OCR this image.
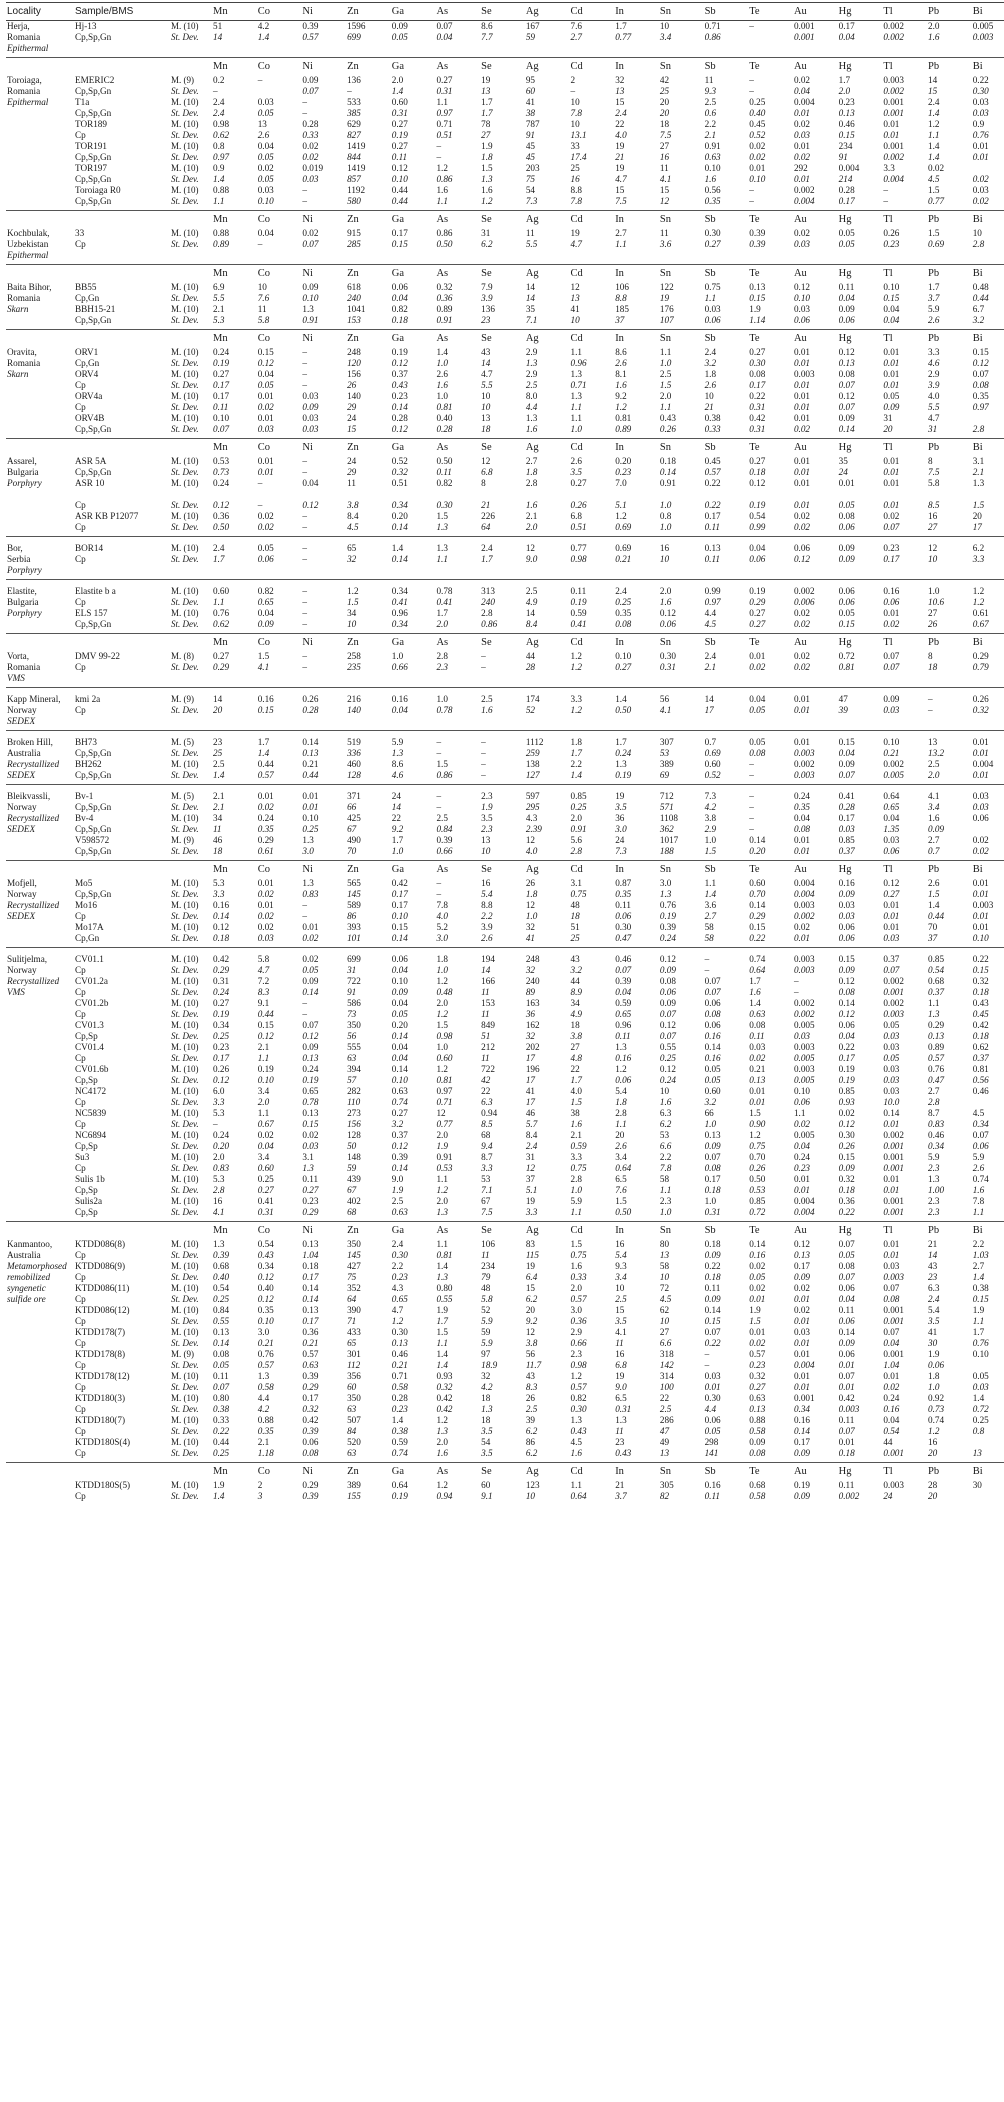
Locality	Sample/BMS		Mn	Co	Ni	Zn	Ga	As	Se	Ag	Cd	In	Sn	Sb	Te	Au	Hg	Tl	Pb	Bi
Herja,	Hj-13	M. (10)	51	4.2	0.39	1596	0.09	0.07	8.6	167	7.6	1.7	10	0.71	–	0.001	0.17	0.002	2.0	0.005
Romania	Cp,Sp,Gn	St. Dev.	14	1.4	0.57	699	0.05	0.04	7.7	59	2.7	0.77	3.4	0.86		0.001	0.04	0.002	1.6	0.003
Epithermal																				

			Mn	Co	Ni	Zn	Ga	As	Se	Ag	Cd	In	Sn	Sb	Te	Au	Hg	Tl	Pb	Bi
Toroiaga,	EMERIC2	M. (9)	0.2	–	0.09	136	2.0	0.27	19	95	2	32	42	11	–	0.02	1.7	0.003	14	0.22
Romania	Cp,Sp,Gn	St. Dev.	–		0.07	–	1.4	0.31	13	60	–	13	25	9.3	–	0.04	2.0	0.002	15	0.30
Epithermal	T1a	M. (10)	2.4	0.03	–	533	0.60	1.1	1.7	41	10	15	20	2.5	0.25	0.004	0.23	0.001	2.4	0.03
	Cp,Sp,Gn	St. Dev.	2.4	0.05	–	385	0.31	0.97	1.7	38	7.8	2.4	20	0.6	0.40	0.01	0.13	0.001	1.4	0.03
	TOR189	M. (10)	0.98	13	0.28	629	0.27	0.71	78	787	10	22	18	2.2	0.45	0.02	0.46	0.01	1.2	0.9
	Cp	St. Dev.	0.62	2.6	0.33	827	0.19	0.51	27	91	13.1	4.0	7.5	2.1	0.52	0.03	0.15	0.01	1.1	0.76
	TOR191	M. (10)	0.8	0.04	0.02	1419	0.27	–	1.9	45	33	19	27	0.91	0.02	0.01	234	0.001	1.4	0.01
	Cp,Sp,Gn	St. Dev.	0.97	0.05	0.02	844	0.11	–	1.8	45	17.4	21	16	0.63	0.02	0.02	91	0.002	1.4	0.01
	TOR197	M. (10)	0.9	0.02	0.019	1419	0.12	1.2	1.5	203	25	19	11	0.10	0.01	292	0.004	3.3	0.02	
	Cp,Sp,Gn	St. Dev.	1.4	0.05	0.03	857	0.10	0.86	1.3	75	16	4.7	4.1	1.6	0.10	0.01	214	0.004	4.5	0.02
	Toroiaga R0	M. (10)	0.88	0.03	–	1192	0.44	1.6	1.6	54	8.8	15	15	0.56	–	0.002	0.28	–	1.5	0.03
	Cp,Sp,Gn	St. Dev.	1.1	0.10	–	580	0.44	1.1	1.2	7.3	7.8	7.5	12	0.35	–	0.004	0.17	–	0.77	0.02

			Mn	Co	Ni	Zn	Ga	As	Se	Ag	Cd	In	Sn	Sb	Te	Au	Hg	Tl	Pb	Bi
Kochbulak,	33	M. (10)	0.88	0.04	0.02	915	0.17	0.86	31	11	19	2.7	11	0.30	0.39	0.02	0.05	0.26	1.5	10
Uzbekistan	Cp	St. Dev.	0.89	–	0.07	285	0.15	0.50	6.2	5.5	4.7	1.1	3.6	0.27	0.39	0.03	0.05	0.23	0.69	2.8
Epithermal																				

			Mn	Co	Ni	Zn	Ga	As	Se	Ag	Cd	In	Sn	Sb	Te	Au	Hg	Tl	Pb	Bi
Baita Bihor,	BB55	M. (10)	6.9	10	0.09	618	0.06	0.32	7.9	14	12	106	122	0.75	0.13	0.12	0.11	0.10	1.7	0.48
Romania	Cp,Gn	St. Dev.	5.5	7.6	0.10	240	0.04	0.36	3.9	14	13	8.8	19	1.1	0.15	0.10	0.04	0.15	3.7	0.44
Skarn	BBH15-21	M. (10)	2.1	11	1.3	1041	0.82	0.89	136	35	41	185	176	0.03	1.9	0.03	0.09	0.04	5.9	6.7
	Cp,Sp,Gn	St. Dev.	5.3	5.8	0.91	153	0.18	0.91	23	7.1	10	37	107	0.06	1.14	0.06	0.06	0.04	2.6	3.2

			Mn	Co	Ni	Zn	Ga	As	Se	Ag	Cd	In	Sn	Sb	Te	Au	Hg	Tl	Pb	Bi
Oravita,	ORV1	M. (10)	0.24	0.15	–	248	0.19	1.4	43	2.9	1.1	8.6	1.1	2.4	0.27	0.01	0.12	0.01	3.3	0.15
Romania	Cp,Gn	St. Dev.	0.19	0.12	–	120	0.12	1.0	14	1.3	0.96	2.6	1.0	3.2	0.30	0.01	0.13	0.01	4.6	0.12
Skarn	ORV4	M. (10)	0.27	0.04	–	156	0.37	2.6	4.7	2.9	1.3	8.1	2.5	1.8	0.08	0.003	0.08	0.01	2.9	0.07
	Cp	St. Dev.	0.17	0.05	–	26	0.43	1.6	5.5	2.5	0.71	1.6	1.5	2.6	0.17	0.01	0.07	0.01	3.9	0.08
	ORV4a	M. (10)	0.17	0.01	0.03	140	0.23	1.0	10	8.0	1.3	9.2	2.0	10	0.22	0.01	0.12	0.05	4.0	0.35
	Cp	St. Dev.	0.11	0.02	0.09	29	0.14	0.81	10	4.4	1.1	1.2	1.1	21	0.31	0.01	0.07	0.09	5.5	0.97
	ORV4B	M. (10)	0.10	0.01	0.03	24	0.28	0.40	13	1.3	1.1	0.81	0.43	0.38	0.42	0.01	0.09	31	4.7	
	Cp,Sp,Gn	St. Dev.	0.07	0.03	0.03	15	0.12	0.28	18	1.6	1.0	0.89	0.26	0.33	0.31	0.02	0.14	20	31	2.8

			Mn	Co	Ni	Zn	Ga	As	Se	Ag	Cd	In	Sn	Sb	Te	Au	Hg	Tl	Pb	Bi
Assarel,	ASR 5A	M. (10)	0.53	0.01	–	24	0.52	0.50	12	2.7	2.6	0.20	0.18	0.45	0.27	0.01	35	0.01	8	3.1
Bulgaria	Cp,Sp,Gn	St. Dev.	0.73	0.01	–	29	0.32	0.11	6.8	1.8	3.5	0.23	0.14	0.57	0.18	0.01	24	0.01	7.5	2.1
Porphyry	ASR 10	M. (10)	0.24	–	0.04	11	0.51	0.82	8	2.8	0.27	7.0	0.91	0.22	0.12	0.01	0.01	0.01	5.8	1.3

	Cp	St. Dev.	0.12	–	0.12	3.8	0.34	0.30	21	1.6	0.26	5.1	1.0	0.22	0.19	0.01	0.05	0.01	8.5	1.5
	ASR KB P12077	M. (10)	0.36	0.02	–	8.4	0.20	1.5	226	2.1	6.8	1.2	0.8	0.17	0.54	0.02	0.08	0.02	16	20
	Cp	St. Dev.	0.50	0.02	–	4.5	0.14	1.3	64	2.0	0.51	0.69	1.0	0.11	0.99	0.02	0.06	0.07	27	17

Bor,	BOR14	M. (10)	2.4	0.05	–	65	1.4	1.3	2.4	12	0.77	0.69	16	0.13	0.04	0.06	0.09	0.23	12	6.2
Serbia	Cp	St. Dev.	1.7	0.06	–	32	0.14	1.1	1.7	9.0	0.98	0.21	10	0.11	0.06	0.12	0.09	0.17	10	3.3
Porphyry																				

Elastite,	Elastite b a	M. (10)	0.60	0.82	–	1.2	0.34	0.78	313	2.5	0.11	2.4	2.0	0.99	0.19	0.002	0.06	0.16	1.0	1.2
Bulgaria	Cp	St. Dev.	1.1	0.65	–	1.5	0.41	0.41	240	4.9	0.19	0.25	1.6	0.97	0.29	0.006	0.06	0.06	10.6	1.2
Porphyry	ELS 157	M. (10)	0.76	0.04	–	34	0.96	1.7	2.8	14	0.59	0.35	0.12	4.4	0.27	0.02	0.05	0.01	27	0.61
	Cp,Sp,Gn	St. Dev.	0.62	0.09	–	10	0.34	2.0	0.86	8.4	0.41	0.08	0.06	4.5	0.27	0.02	0.15	0.02	26	0.67

			Mn	Co	Ni	Zn	Ga	As	Se	Ag	Cd	In	Sn	Sb	Te	Au	Hg	Tl	Pb	Bi
Vorta,	DMV 99-22	M. (8)	0.27	1.5	–	258	1.0	2.8	–	44	1.2	0.10	0.30	2.4	0.01	0.02	0.72	0.07	8	0.29
Romania	Cp	St. Dev.	0.29	4.1	–	235	0.66	2.3	–	28	1.2	0.27	0.31	2.1	0.02	0.02	0.81	0.07	18	0.79
VMS																				

Kapp Mineral,	kmi 2a	M. (9)	14	0.16	0.26	216	0.16	1.0	2.5	174	3.3	1.4	56	14	0.04	0.01	47	0.09	–	0.26
Norway	Cp	St. Dev.	20	0.15	0.28	140	0.04	0.78	1.6	52	1.2	0.50	4.1	17	0.05	0.01	39	0.03	–	0.32
SEDEX																				

Broken Hill,	BH73	M. (5)	23	1.7	0.14	519	5.9	–	–	1112	1.8	1.7	307	0.7	0.05	0.01	0.15	0.10	13	0.01
Australia	Cp,Sp,Gn	St. Dev.	25	1.4	0.13	336	1.3	–	–	259	1.7	0.24	53	0.69	0.08	0.003	0.04	0.21	13.2	0.01
Recrystallized	BH262	M. (10)	2.5	0.44	0.21	460	8.6	1.5	–	138	2.2	1.3	389	0.60	–	0.002	0.09	0.002	2.5	0.004
SEDEX	Cp,Sp,Gn	St. Dev.	1.4	0.57	0.44	128	4.6	0.86	–	127	1.4	0.19	69	0.52	–	0.003	0.07	0.005	2.0	0.01

Bleikvassli,	Bv-1	M. (5)	2.1	0.01	0.01	371	24	–	2.3	597	0.85	19	712	7.3	–	0.24	0.41	0.64	4.1	0.03
Norway	Cp,Sp,Gn	St. Dev.	2.1	0.02	0.01	66	14	–	1.9	295	0.25	3.5	571	4.2	–	0.35	0.28	0.65	3.4	0.03
Recrystallized	Bv-4	M. (10)	34	0.24	0.10	425	22	2.5	3.5	4.3	2.0	36	1108	3.8	–	0.04	0.17	0.04	1.6	0.06
SEDEX	Cp,Sp,Gn	St. Dev.	11	0.35	0.25	67	9.2	0.84	2.3	2.39	0.91	3.0	362	2.9	–	0.08	0.03	1.35	0.09	
	V598572	M. (9)	46	0.29	1.3	490	1.7	0.39	13	12	5.6	24	1017	1.0	0.14	0.01	0.85	0.03	2.7	0.02
	Cp,Sp,Gn	St. Dev.	18	0.61	3.0	70	1.0	0.66	10	4.0	2.8	7.3	188	1.5	0.20	0.01	0.37	0.06	0.7	0.02

			Mn	Co	Ni	Zn	Ga	As	Se	Ag	Cd	In	Sn	Sb	Te	Au	Hg	Tl	Pb	Bi
Mofjell,	Mo5	M. (10)	5.3	0.01	1.3	565	0.42	–	16	26	3.1	0.87	3.0	1.1	0.60	0.004	0.16	0.12	2.6	0.01
Norway	Cp,Sp,Gn	St. Dev.	3.3	0.02	0.83	145	0.17	–	5.4	1.8	0.75	0.35	1.3	1.4	0.70	0.004	0.09	0.27	1.5	0.01
Recrystallized	Mo16	M. (10)	0.16	0.01	–	589	0.17	7.8	8.8	12	48	0.11	0.76	3.6	0.14	0.003	0.03	0.01	1.4	0.003
SEDEX	Cp	St. Dev.	0.14	0.02	–	86	0.10	4.0	2.2	1.0	18	0.06	0.19	2.7	0.29	0.002	0.03	0.01	0.44	0.01
	Mo17A	M. (10)	0.12	0.02	0.01	393	0.15	5.2	3.9	32	51	0.30	0.39	58	0.15	0.02	0.06	0.01	70	0.01
	Cp,Gn	St. Dev.	0.18	0.03	0.02	101	0.14	3.0	2.6	41	25	0.47	0.24	58	0.22	0.01	0.06	0.03	37	0.10

Sulitjelma,	CV01.1	M. (10)	0.42	5.8	0.02	699	0.06	1.8	194	248	43	0.46	0.12	–	0.74	0.003	0.15	0.37	0.85	0.22
Norway	Cp	St. Dev.	0.29	4.7	0.05	31	0.04	1.0	14	32	3.2	0.07	0.09	–	0.64	0.003	0.09	0.07	0.54	0.15
Recrystallized	CV01.2a	M. (10)	0.31	7.2	0.09	722	0.10	1.2	166	240	44	0.39	0.08	0.07	1.7	–	0.12	0.002	0.68	0.32
VMS	Cp	St. Dev.	0.24	8.3	0.14	91	0.09	0.48	11	89	8.9	0.04	0.06	0.07	1.6	–	0.08	0.001	0.37	0.18
	CV01.2b	M. (10)	0.27	9.1	–	586	0.04	2.0	153	163	34	0.59	0.09	0.06	1.4	0.002	0.14	0.002	1.1	0.43
	Cp	St. Dev.	0.19	0.44	–	73	0.05	1.2	11	36	4.9	0.65	0.07	0.08	0.63	0.002	0.12	0.003	1.3	0.45
	CV01.3	M. (10)	0.34	0.15	0.07	350	0.20	1.5	849	162	18	0.96	0.12	0.06	0.08	0.005	0.06	0.05	0.29	0.42
	Cp,Sp	St. Dev.	0.25	0.12	0.12	56	0.14	0.98	51	32	3.8	0.11	0.07	0.16	0.11	0.03	0.04	0.03	0.13	0.18
	CV01.4	M. (10)	0.23	2.1	0.09	555	0.04	1.0	212	202	27	1.3	0.55	0.14	0.03	0.003	0.22	0.03	0.89	0.62
	Cp	St. Dev.	0.17	1.1	0.13	63	0.04	0.60	11	17	4.8	0.16	0.25	0.16	0.02	0.005	0.17	0.05	0.57	0.37
	CV01.6b	M. (10)	0.26	0.19	0.24	394	0.14	1.2	722	196	22	1.2	0.12	0.05	0.21	0.003	0.19	0.03	0.76	0.81
	Cp,Sp	St. Dev.	0.12	0.10	0.19	57	0.10	0.81	42	17	1.7	0.06	0.24	0.05	0.13	0.005	0.19	0.03	0.47	0.56
	NC4172	M. (10)	6.0	3.4	0.65	282	0.63	0.97	22	41	4.0	5.4	10	0.60	0.01	0.10	0.85	0.03	2.7	0.46
	Cp	St. Dev.	3.3	2.0	0.78	110	0.74	0.71	6.3	17	1.5	1.8	1.6	3.2	0.01	0.06	0.93	10.0	2.8	
	NC5839	M. (10)	5.3	1.1	0.13	273	0.27	12	0.94	46	38	2.8	6.3	66	1.5	1.1	0.02	0.14	8.7	4.5
	Cp	St. Dev.	–	0.67	0.15	156	3.2	0.77	8.5	5.7	1.6	1.1	6.2	1.0	0.90	0.02	0.12	0.01	0.83	0.34
	NC6894	M. (10)	0.24	0.02	0.02	128	0.37	2.0	68	8.4	2.1	20	53	0.13	1.2	0.005	0.30	0.002	0.46	0.07
	Cp,Sp	St. Dev.	0.20	0.04	0.03	50	0.12	1.9	9.4	2.4	0.59	2.6	6.6	0.09	0.75	0.04	0.26	0.001	0.34	0.06
	Su3	M. (10)	2.0	3.4	3.1	148	0.39	0.91	8.7	31	3.3	3.4	2.2	0.07	0.70	0.24	0.15	0.001	5.9	5.9
	Cp	St. Dev.	0.83	0.60	1.3	59	0.14	0.53	3.3	12	0.75	0.64	7.8	0.08	0.26	0.23	0.09	0.001	2.3	2.6
	Sulis 1b	M. (10)	5.3	0.25	0.11	439	9.0	1.1	53	37	2.8	6.5	58	0.17	0.50	0.01	0.32	0.01	1.3	0.74
	Cp,Sp	St. Dev.	2.8	0.27	0.27	67	1.9	1.2	7.1	5.1	1.0	7.6	1.1	0.18	0.53	0.01	0.18	0.01	1.00	1.6
	Sulis2a	M. (10)	16	0.41	0.23	402	2.5	2.0	67	19	5.9	1.5	2.3	1.0	0.85	0.004	0.36	0.001	2.3	7.8
	Cp,Sp	St. Dev.	4.1	0.31	0.29	68	0.63	1.3	7.5	3.3	1.1	0.50	1.0	0.31	0.72	0.004	0.22	0.001	2.3	1.1

			Mn	Co	Ni	Zn	Ga	As	Se	Ag	Cd	In	Sn	Sb	Te	Au	Hg	Tl	Pb	Bi
Kanmantoo,	KTDD086(8)	M. (10)	1.3	0.54	0.13	350	2.4	1.1	106	83	1.5	16	80	0.18	0.14	0.12	0.07	0.01	21	2.2
Australia	Cp	St. Dev.	0.39	0.43	1.04	145	0.30	0.81	11	115	0.75	5.4	13	0.09	0.16	0.13	0.05	0.01	14	1.03
Metamorphosed	KTDD086(9)	M. (10)	0.68	0.34	0.18	427	2.2	1.4	234	19	1.6	9.3	58	0.22	0.02	0.17	0.08	0.03	43	2.7
remobilized	Cp	St. Dev.	0.40	0.12	0.17	75	0.23	1.3	79	6.4	0.33	3.4	10	0.18	0.05	0.09	0.07	0.003	23	1.4
syngenetic	KTDD086(11)	M. (10)	0.54	0.40	0.14	352	4.3	0.80	48	15	2.0	10	72	0.11	0.02	0.02	0.06	0.07	6.3	0.38
sulfide ore	Cp	St. Dev.	0.25	0.12	0.14	64	0.65	0.55	5.8	6.2	0.57	2.5	4.5	0.09	0.01	0.01	0.04	0.08	2.4	0.15
	KTDD086(12)	M. (10)	0.84	0.35	0.13	390	4.7	1.9	52	20	3.0	15	62	0.14	1.9	0.02	0.11	0.001	5.4	1.9
	Cp	St. Dev.	0.55	0.10	0.17	71	1.2	1.7	5.9	9.2	0.36	3.5	10	0.15	1.5	0.01	0.06	0.001	3.5	1.1
	KTDD178(7)	M. (10)	0.13	3.0	0.36	433	0.30	1.5	59	12	2.9	4.1	27	0.07	0.01	0.03	0.14	0.07	41	1.7
	Cp	St. Dev.	0.14	0.21	0.21	65	0.13	1.1	5.9	3.8	0.66	11	6.6	0.22	0.02	0.01	0.09	0.04	30	0.76
	KTDD178(8)	M. (9)	0.08	0.76	0.57	301	0.46	1.4	97	56	2.3	16	318	–	0.57	0.01	0.06	0.001	1.9	0.10
	Cp	St. Dev.	0.05	0.57	0.63	112	0.21	1.4	18.9	11.7	0.98	6.8	142	–	0.23	0.004	0.01	1.04	0.06	
	KTDD178(12)	M. (10)	0.11	1.3	0.39	356	0.71	0.93	32	43	1.2	19	314	0.03	0.32	0.01	0.07	0.01	1.8	0.05
	Cp	St. Dev.	0.07	0.58	0.29	60	0.58	0.32	4.2	8.3	0.57	9.0	100	0.01	0.27	0.01	0.01	0.02	1.0	0.03
	KTDD180(3)	M. (10)	0.80	4.4	0.17	350	0.28	0.42	18	26	0.82	6.5	22	0.30	0.63	0.001	0.42	0.24	0.92	1.4
	Cp	St. Dev.	0.38	4.2	0.32	63	0.23	0.42	1.3	2.5	0.30	0.31	2.5	4.4	0.13	0.34	0.003	0.16	0.73	0.72
	KTDD180(7)	M. (10)	0.33	0.88	0.42	507	1.4	1.2	18	39	1.3	1.3	286	0.06	0.88	0.16	0.11	0.04	0.74	0.25
	Cp	St. Dev.	0.22	0.35	0.39	84	0.38	1.3	3.5	6.2	0.43	11	47	0.05	0.58	0.14	0.07	0.54	1.2	0.8
	KTDD180S(4)	M. (10)	0.44	2.1	0.06	520	0.59	2.0	54	86	4.5	23	49	298	0.09	0.17	0.01	44	16	
	Cp	St. Dev.	0.25	1.18	0.08	63	0.74	1.6	3.5	6.2	1.6	0.43	13	141	0.08	0.09	0.18	0.001	20	13

			Mn	Co	Ni	Zn	Ga	As	Se	Ag	Cd	In	Sn	Sb	Te	Au	Hg	Tl	Pb	Bi
	KTDD180S(5)	M. (10)	1.9	2	0.29	389	0.64	1.2	60	123	1.1	21	305	0.16	0.68	0.19	0.11	0.003	28	30
	Cp	St. Dev.	1.4	3	0.39	155	0.19	0.94	9.1	10	0.64	3.7	82	0.11	0.58	0.09	0.002	24	20	
